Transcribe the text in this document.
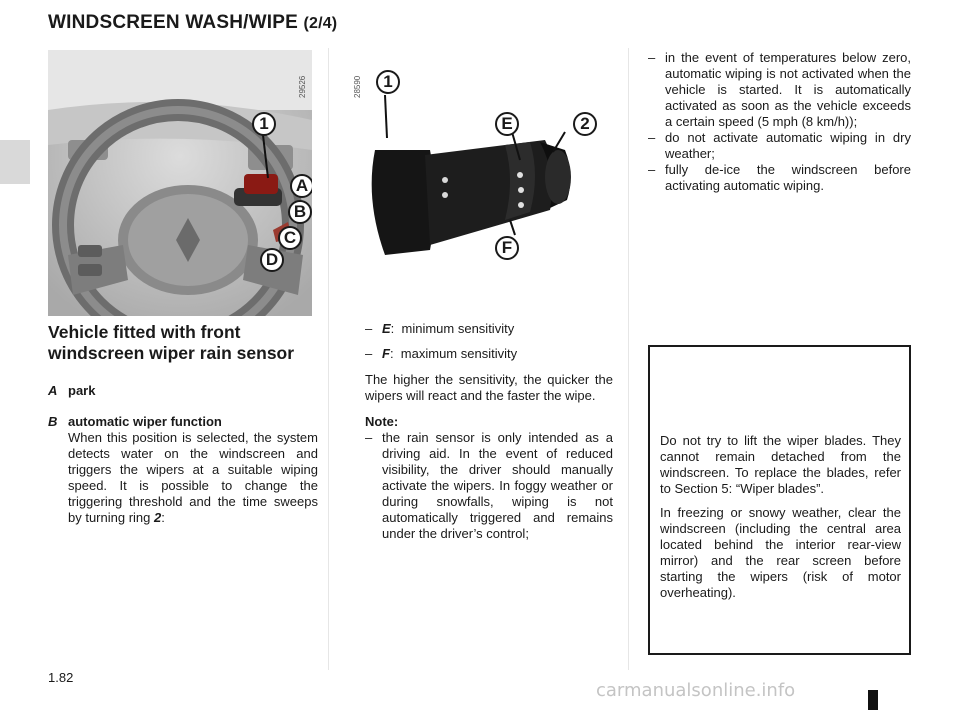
WINDSCREEN WASH/WIPE (2/4)
29526
1
A
B
C
D
28590	1
E	2
F
Vehicle fitted with front windscreen wiper rain sensor
A park
B automatic wiper function
When this position is selected, the system detects water on the windscreen and triggers the wipers at a suitable wiping speed. It is possible to change the triggering threshold and the time sweeps by turning ring 2:
– E:  minimum sensitivity
– F:  maximum sensitivity
The higher the sensitivity, the quicker the wipers will react and the faster the wipe.
Note:
– the rain sensor is only intended as a driving aid. In the event of reduced visibility, the driver should manually activate the wipers. In foggy weather or during snowfalls, wiping is not automatically triggered and remains under the driver’s control;
– in the event of temperatures below zero, automatic wiping is not activated when the vehicle is started. It is automatically activated as soon as the vehicle exceeds a certain speed (5 mph (8 km/h));
– do not activate automatic wiping in dry weather;
– fully de-ice the windscreen before activating automatic wiping.

Do not try to lift the wiper blades. They cannot remain detached from the windscreen. To replace the blades, refer to Section 5: “Wiper blades”.

In freezing or snowy weather, clear the windscreen (including the central area located behind the interior rear-view mirror) and the rear screen before starting the wipers (risk of motor overheating).

1.82
carmanualsonline.info
